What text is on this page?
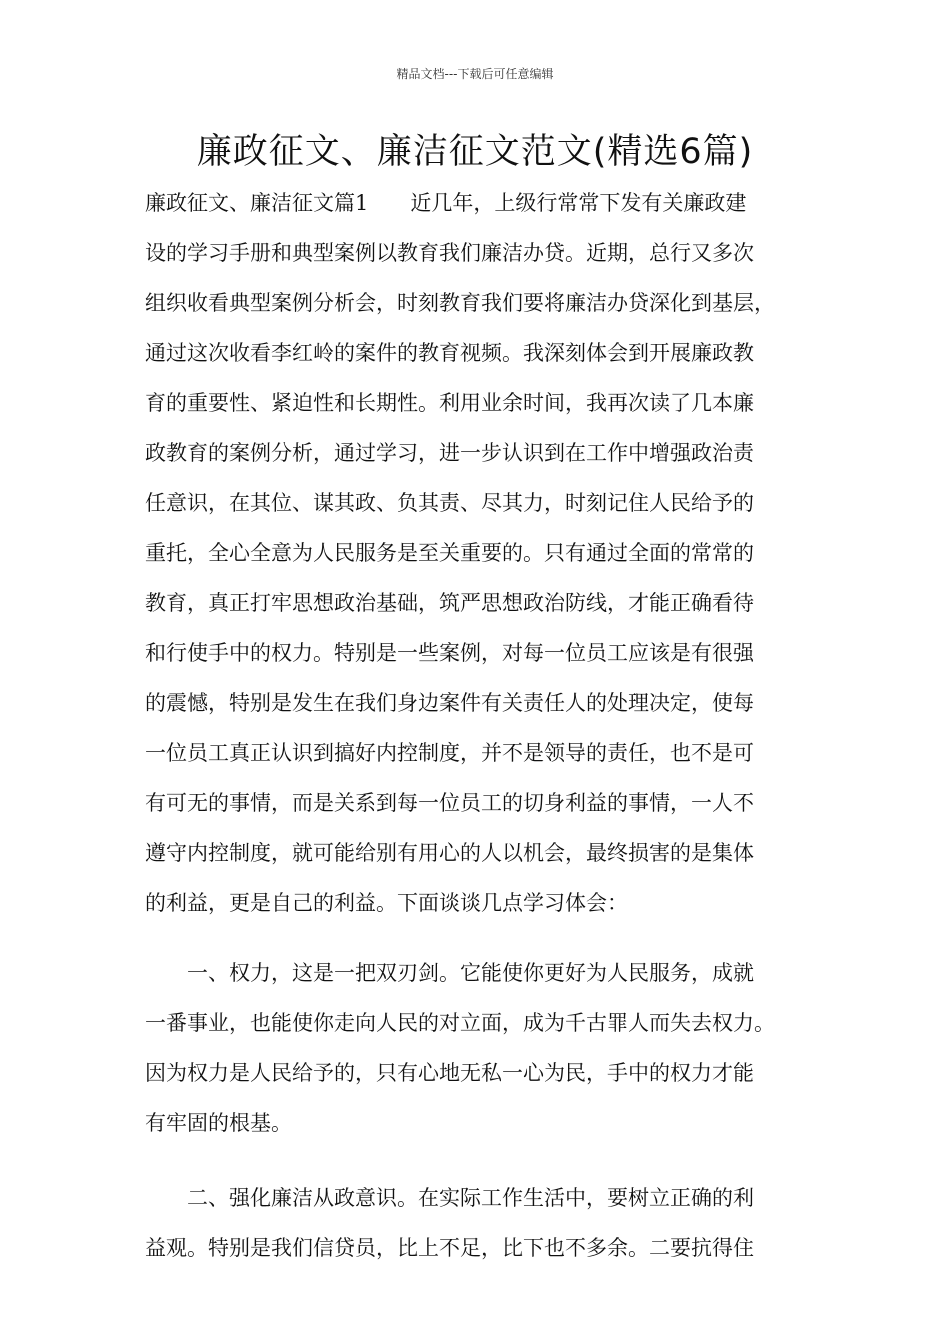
精品文档---下载后可任意编辑
廉政征文、廉洁征文范文(精选6篇)
廉政征文、廉洁征文篇1　　近几年，上级行常常下发有关廉政建
设的学习手册和典型案例以教育我们廉洁办贷。近期，总行又多次
组织收看典型案例分析会，时刻教育我们要将廉洁办贷深化到基层，
通过这次收看李红岭的案件的教育视频。我深刻体会到开展廉政教
育的重要性、紧迫性和长期性。利用业余时间，我再次读了几本廉
政教育的案例分析，通过学习，进一步认识到在工作中增强政治责
任意识，在其位、谋其政、负其责、尽其力，时刻记住人民给予的
重托，全心全意为人民服务是至关重要的。只有通过全面的常常的
教育，真正打牢思想政治基础，筑严思想政治防线，才能正确看待
和行使手中的权力。特别是一些案例，对每一位员工应该是有很强
的震憾，特别是发生在我们身边案件有关责任人的处理决定，使每
一位员工真正认识到搞好内控制度，并不是领导的责任，也不是可
有可无的事情，而是关系到每一位员工的切身利益的事情，一人不
遵守内控制度，就可能给别有用心的人以机会，最终损害的是集体
的利益，更是自己的利益。下面谈谈几点学习体会：
一、权力，这是一把双刃剑。它能使你更好为人民服务，成就
一番事业，也能使你走向人民的对立面，成为千古罪人而失去权力。
因为权力是人民给予的，只有心地无私一心为民，手中的权力才能
有牢固的根基。
二、强化廉洁从政意识。在实际工作生活中，要树立正确的利
益观。特别是我们信贷员，比上不足，比下也不多余。二要抗得住
